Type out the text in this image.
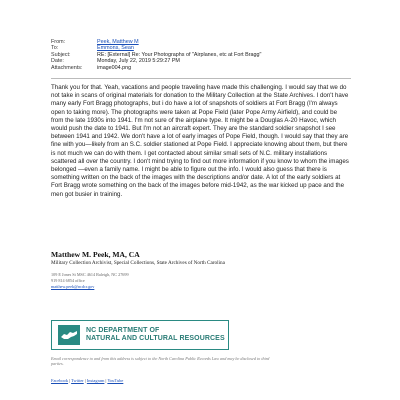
From:	Peek, Matthew M
To:	Emmons, Sean
Subject:	RE: [External] Re: Your Photographs of "Airplanes, etc at Fort Bragg"
Date:	Monday, July 22, 2019 5:29:27 PM
Attachments:	image004.png
Thank you for that. Yeah, vacations and people traveling have made this challenging. I would say that we do not take in scans of original materials for donation to the Military Collection at the State Archives. I don't have many early Fort Bragg photographs, but i do have a lot of snapshots of soldiers at Fort Bragg (I'm always open to taking more). The photographs were taken at Pope Field (later Pope Army Airfield), and could be from the late 1930s into 1941. I'm not sure of the airplane type. It might be a Douglas A-20 Havoc, which would push the date to 1941. But I'm not an aircraft expert. They are the standard soldier snapshot I see between 1941 and 1942. We don't have a lot of early images of Pope Field, though. I would say that they are fine with you—likely from an S.C. soldier stationed at Pope Field. I appreciate knowing about them, but there is not much we can do with them. I get contacted about similar small sets of N.C. military installations scattered all over the country. I don't mind trying to find out more information if you know to whom the images belonged —even a family name. I might be able to figure out the info. I would also guess that there is something written on the back of the images with the descriptions and/or date. A lot of the early soldiers at Fort Bragg wrote something on the back of the images before mid-1942, as the war kicked up pace and the men got busier in training.
Matthew M. Peek, MA, CA
Military Collection Archivist, Special Collections, State Archives of North Carolina
109 E Jones St MSC 4614 Raleigh, NC 27699
919 814 6854 office
matthew.peek@ncdcr.gov
NC DEPARTMENT OF
NATURAL AND CULTURAL RESOURCES
Email correspondence to and from this address is subject to the North Carolina Public Records Law and may be disclosed to third parties.
Facebook | Twitter | Instagram | YouTube
